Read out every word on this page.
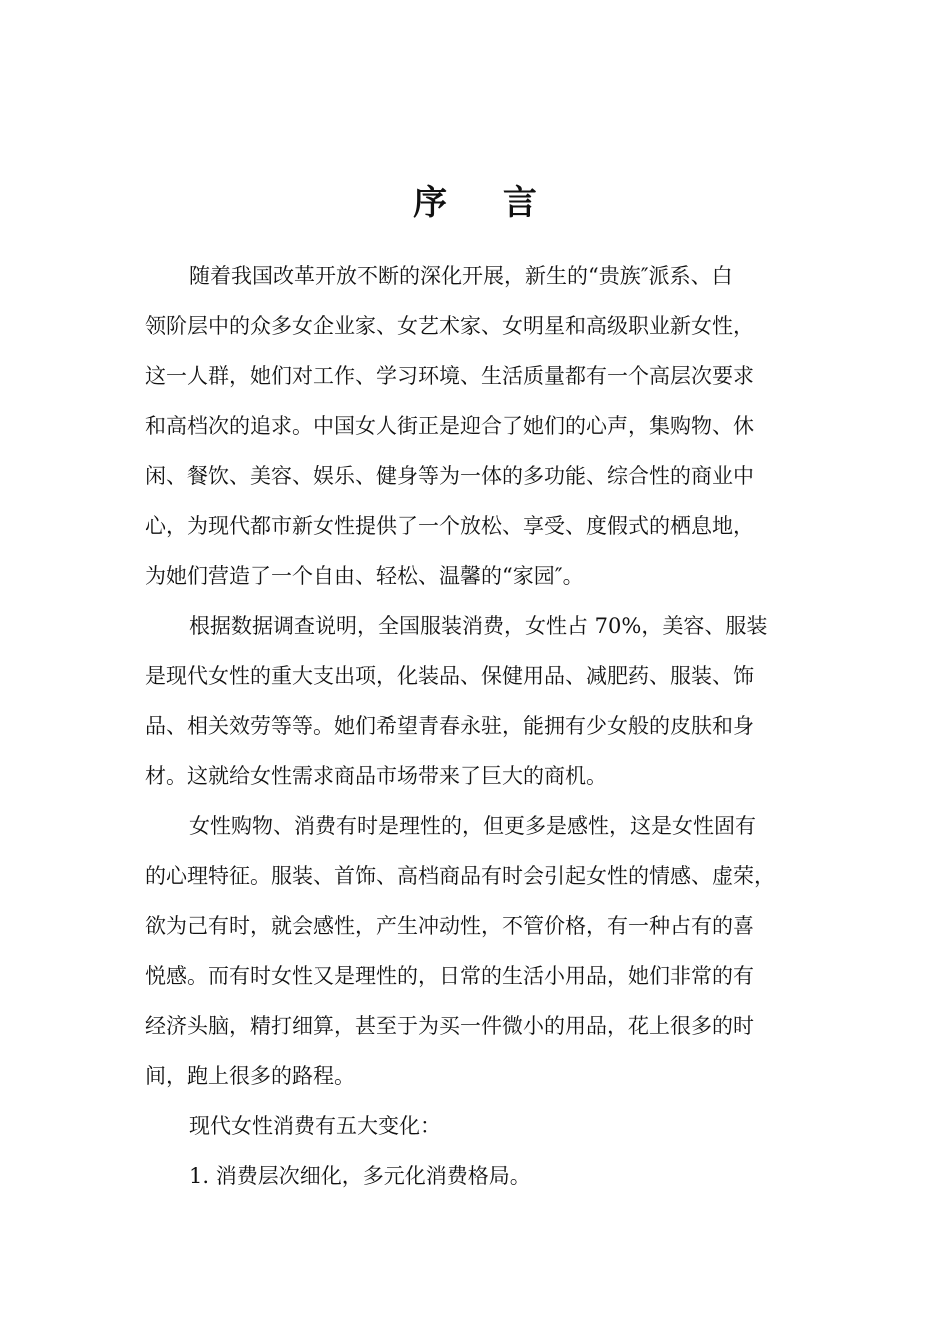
序 言
随着我国改革开放不断的深化开展，新生的“贵族″派系、白
领阶层中的众多女企业家、女艺术家、女明星和高级职业新女性，
这一人群，她们对工作、学习环境、生活质量都有一个高层次要求
和高档次的追求。中国女人街正是迎合了她们的心声，集购物、休
闲、餐饮、美容、娱乐、健身等为一体的多功能、综合性的商业中
心，为现代都市新女性提供了一个放松、享受、度假式的栖息地，
为她们营造了一个自由、轻松、温馨的“家园″。
根据数据调查说明，全国服装消费，女性占 70%，美容、服装
是现代女性的重大支出项，化装品、保健用品、减肥药、服装、饰
品、相关效劳等等。她们希望青春永驻，能拥有少女般的皮肤和身
材。这就给女性需求商品市场带来了巨大的商机。
女性购物、消费有时是理性的，但更多是感性，这是女性固有
的心理特征。服装、首饰、高档商品有时会引起女性的情感、虚荣，
欲为己有时，就会感性，产生冲动性，不管价格，有一种占有的喜
悦感。而有时女性又是理性的，日常的生活小用品，她们非常的有
经济头脑，精打细算，甚至于为买一件微小的用品，花上很多的时
间，跑上很多的路程。
现代女性消费有五大变化：
1. 消费层次细化，多元化消费格局。
